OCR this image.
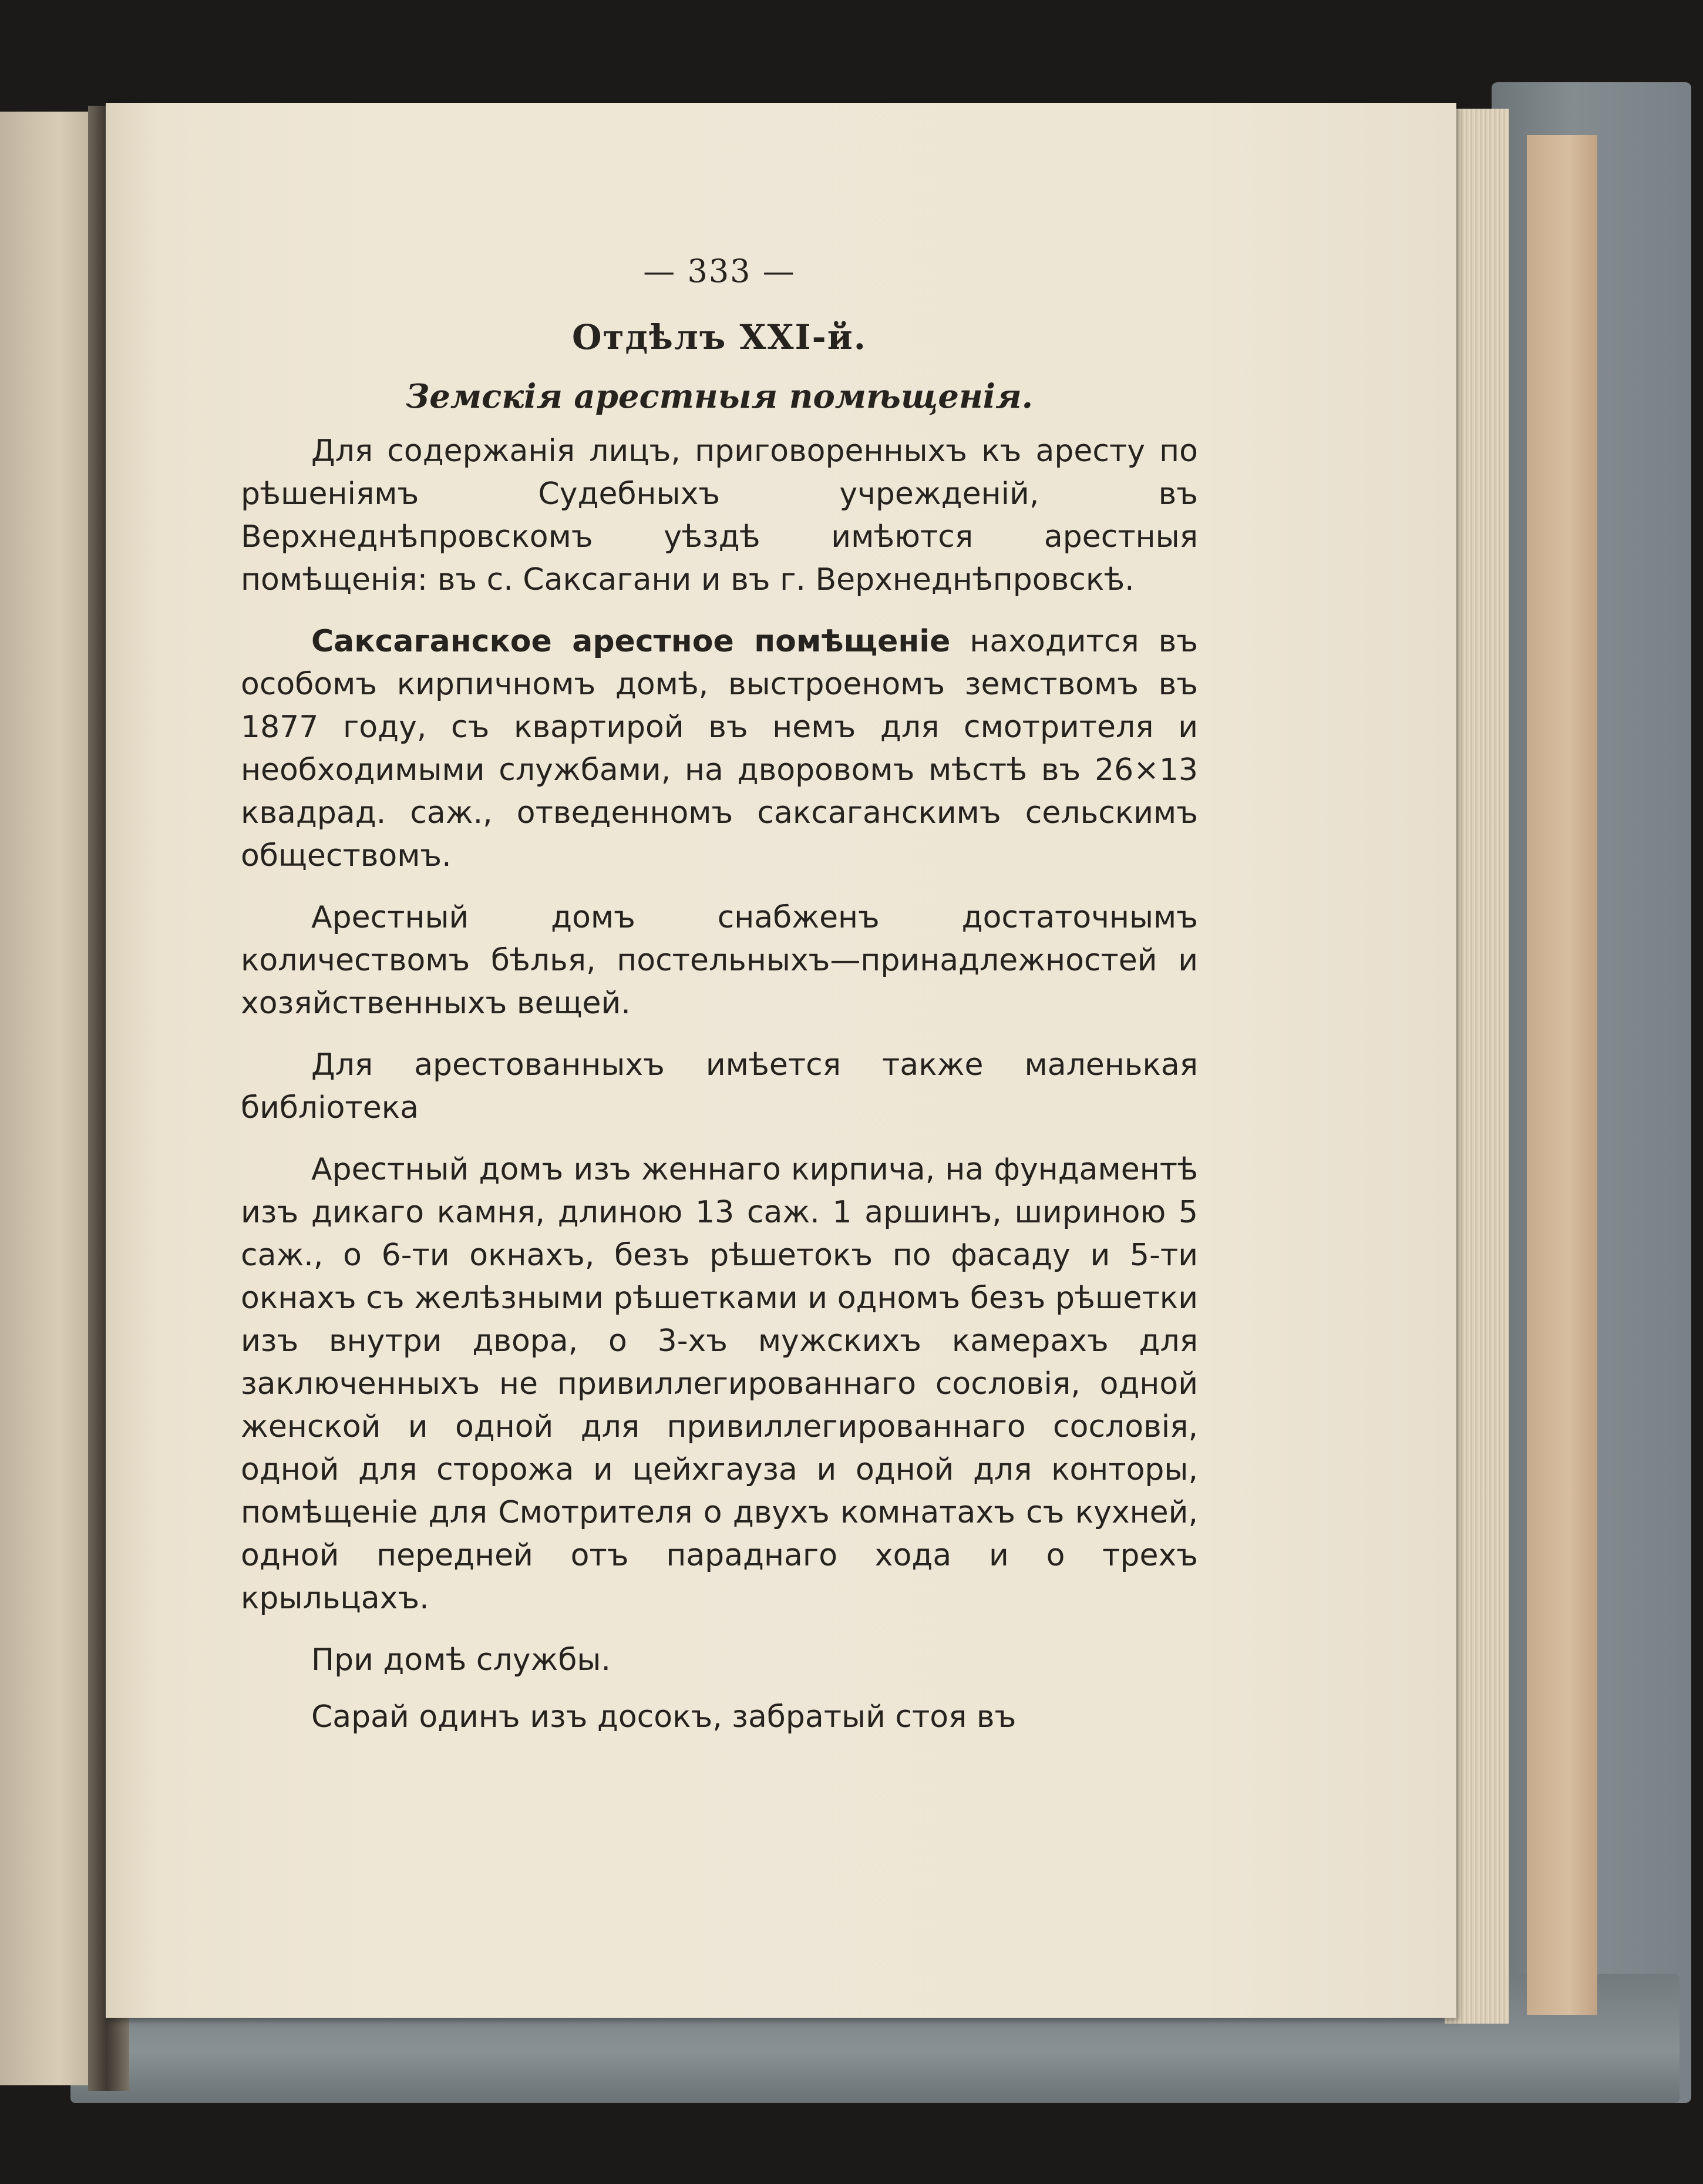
— 333 —
Отдѣлъ XXI-й.
Земскія арестныя помѣщенія.

Для содержанія лицъ, приговоренныхъ къ аресту по рѣшеніямъ Судебныхъ учрежденій, въ Верхнеднѣпровскомъ уѣздѣ имѣются арестныя помѣщенія: въ с. Саксагани и въ г. Верхнеднѣпровскѣ.

Саксаганское арестное помѣщеніе находится въ особомъ кирпичномъ домѣ, выстроеномъ земствомъ въ 1877 году, съ квартирой въ немъ для смотрителя и необходимыми службами, на дворовомъ мѣстѣ въ 26×13 квадрад. саж., отведенномъ саксаганскимъ сельскимъ обществомъ.

Арестный домъ снабженъ достаточнымъ количествомъ бѣлья, постельныхъ—принадлежностей и хозяйственныхъ вещей.

Для арестованныхъ имѣется также маленькая библіотека

Арестный домъ изъ женнаго кирпича, на фундаментѣ изъ дикаго камня, длиною 13 саж. 1 аршинъ, шириною 5 саж., о 6-ти окнахъ, безъ рѣшетокъ по фасаду и 5-ти окнахъ съ желѣзными рѣшетками и одномъ безъ рѣшетки изъ внутри двора, о 3-хъ мужскихъ камерахъ для заключенныхъ не привиллегированнаго сословія, одной женской и одной для привиллегированнаго сословія, одной для сторожа и цейхгауза и одной для конторы, помѣщеніе для Смотрителя о двухъ комнатахъ съ кухней, одной передней отъ параднаго хода и о трехъ крыльцахъ.

При домѣ службы.

Сарай одинъ изъ досокъ, забратый стоя въ
